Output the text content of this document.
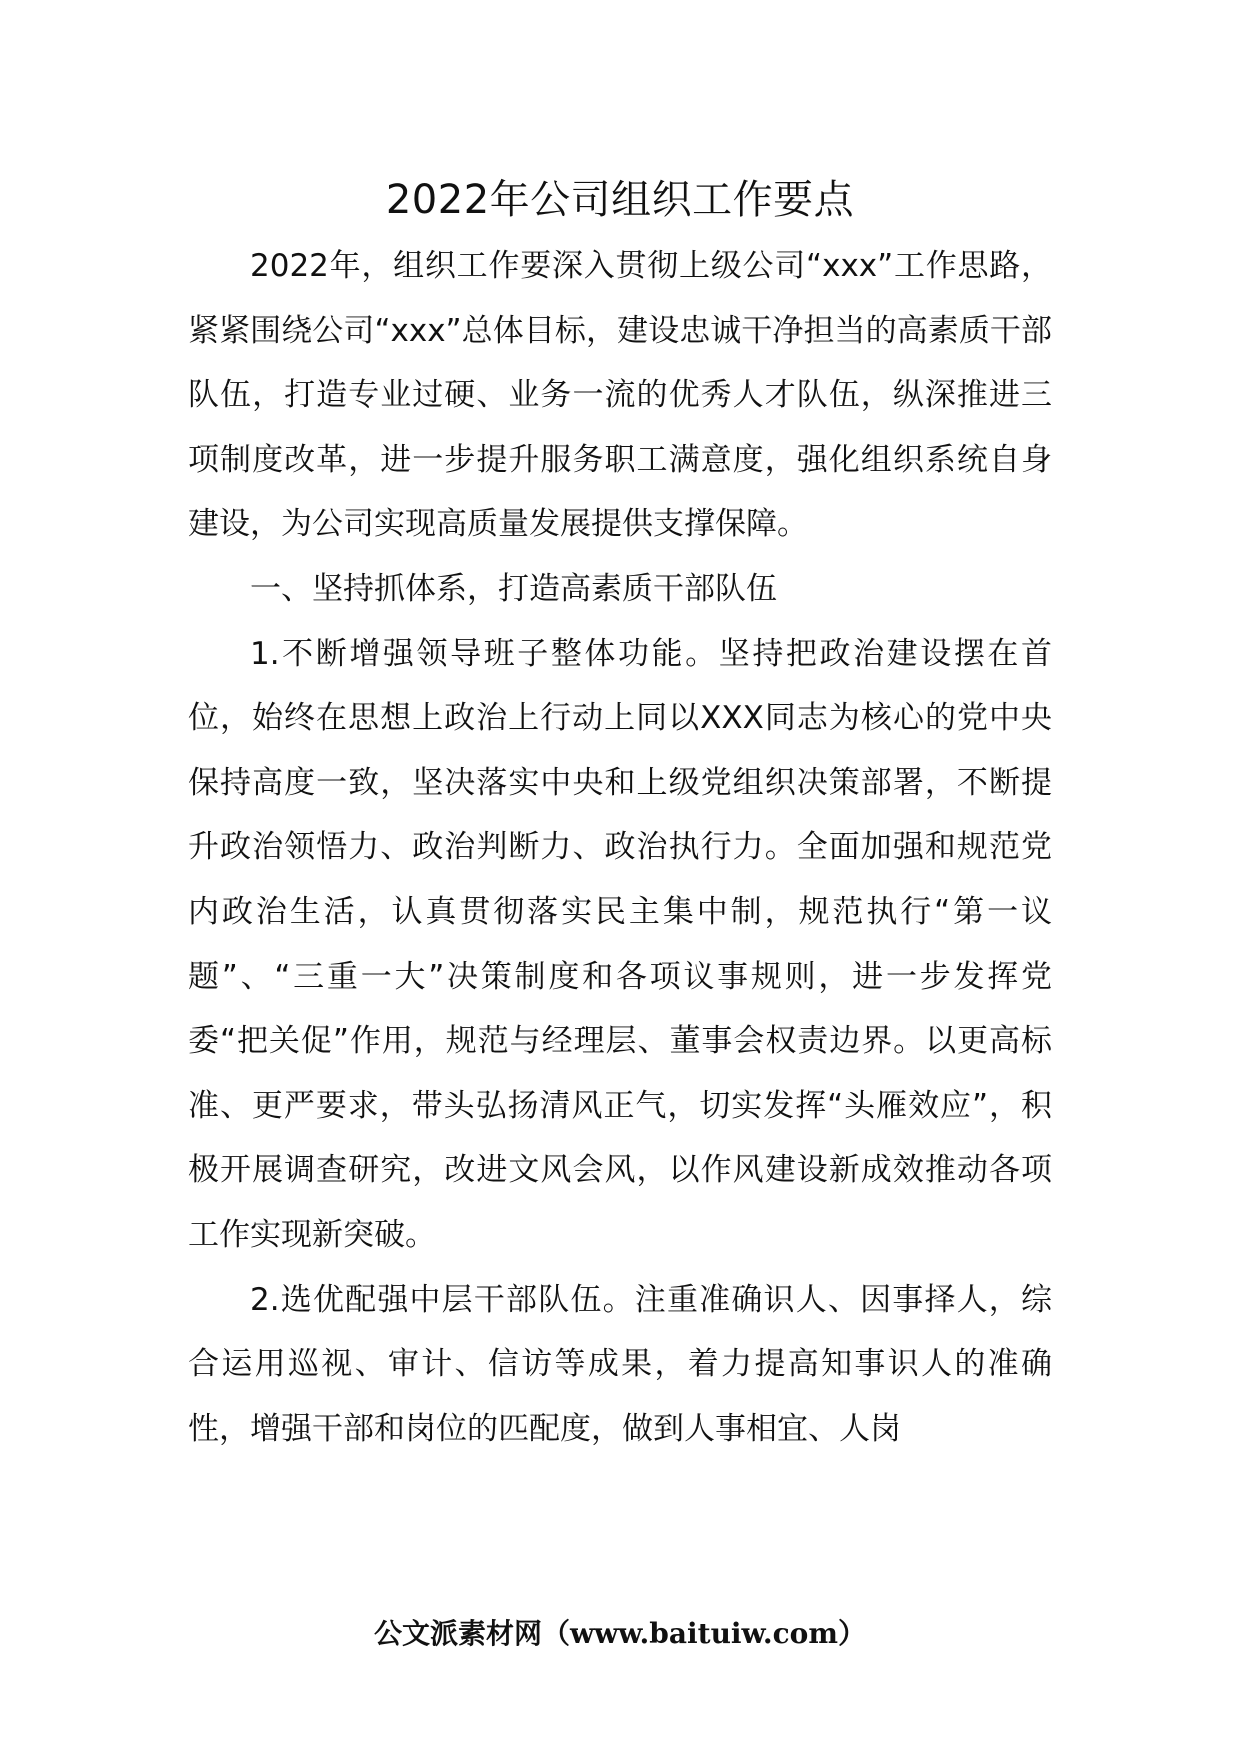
2022年公司组织工作要点

2022年，组织工作要深入贯彻上级公司“xxx”工作思路，紧紧围绕公司“xxx”总体目标，建设忠诚干净担当的高素质干部队伍，打造专业过硬、业务一流的优秀人才队伍，纵深推进三项制度改革，进一步提升服务职工满意度，强化组织系统自身建设，为公司实现高质量发展提供支撑保障。

一、坚持抓体系，打造高素质干部队伍

1.不断增强领导班子整体功能。坚持把政治建设摆在首位，始终在思想上政治上行动上同以XXX同志为核心的党中央保持高度一致，坚决落实中央和上级党组织决策部署，不断提升政治领悟力、政治判断力、政治执行力。全面加强和规范党内政治生活，认真贯彻落实民主集中制，规范执行“第一议题”、“三重一大”决策制度和各项议事规则，进一步发挥党委“把关促”作用，规范与经理层、董事会权责边界。以更高标准、更严要求，带头弘扬清风正气，切实发挥“头雁效应”，积极开展调查研究，改进文风会风，以作风建设新成效推动各项工作实现新突破。

2.选优配强中层干部队伍。注重准确识人、因事择人，综合运用巡视、审计、信访等成果，着力提高知事识人的准确性，增强干部和岗位的匹配度，做到人事相宜、人岗

公文派素材网（www.baituiw.com）
